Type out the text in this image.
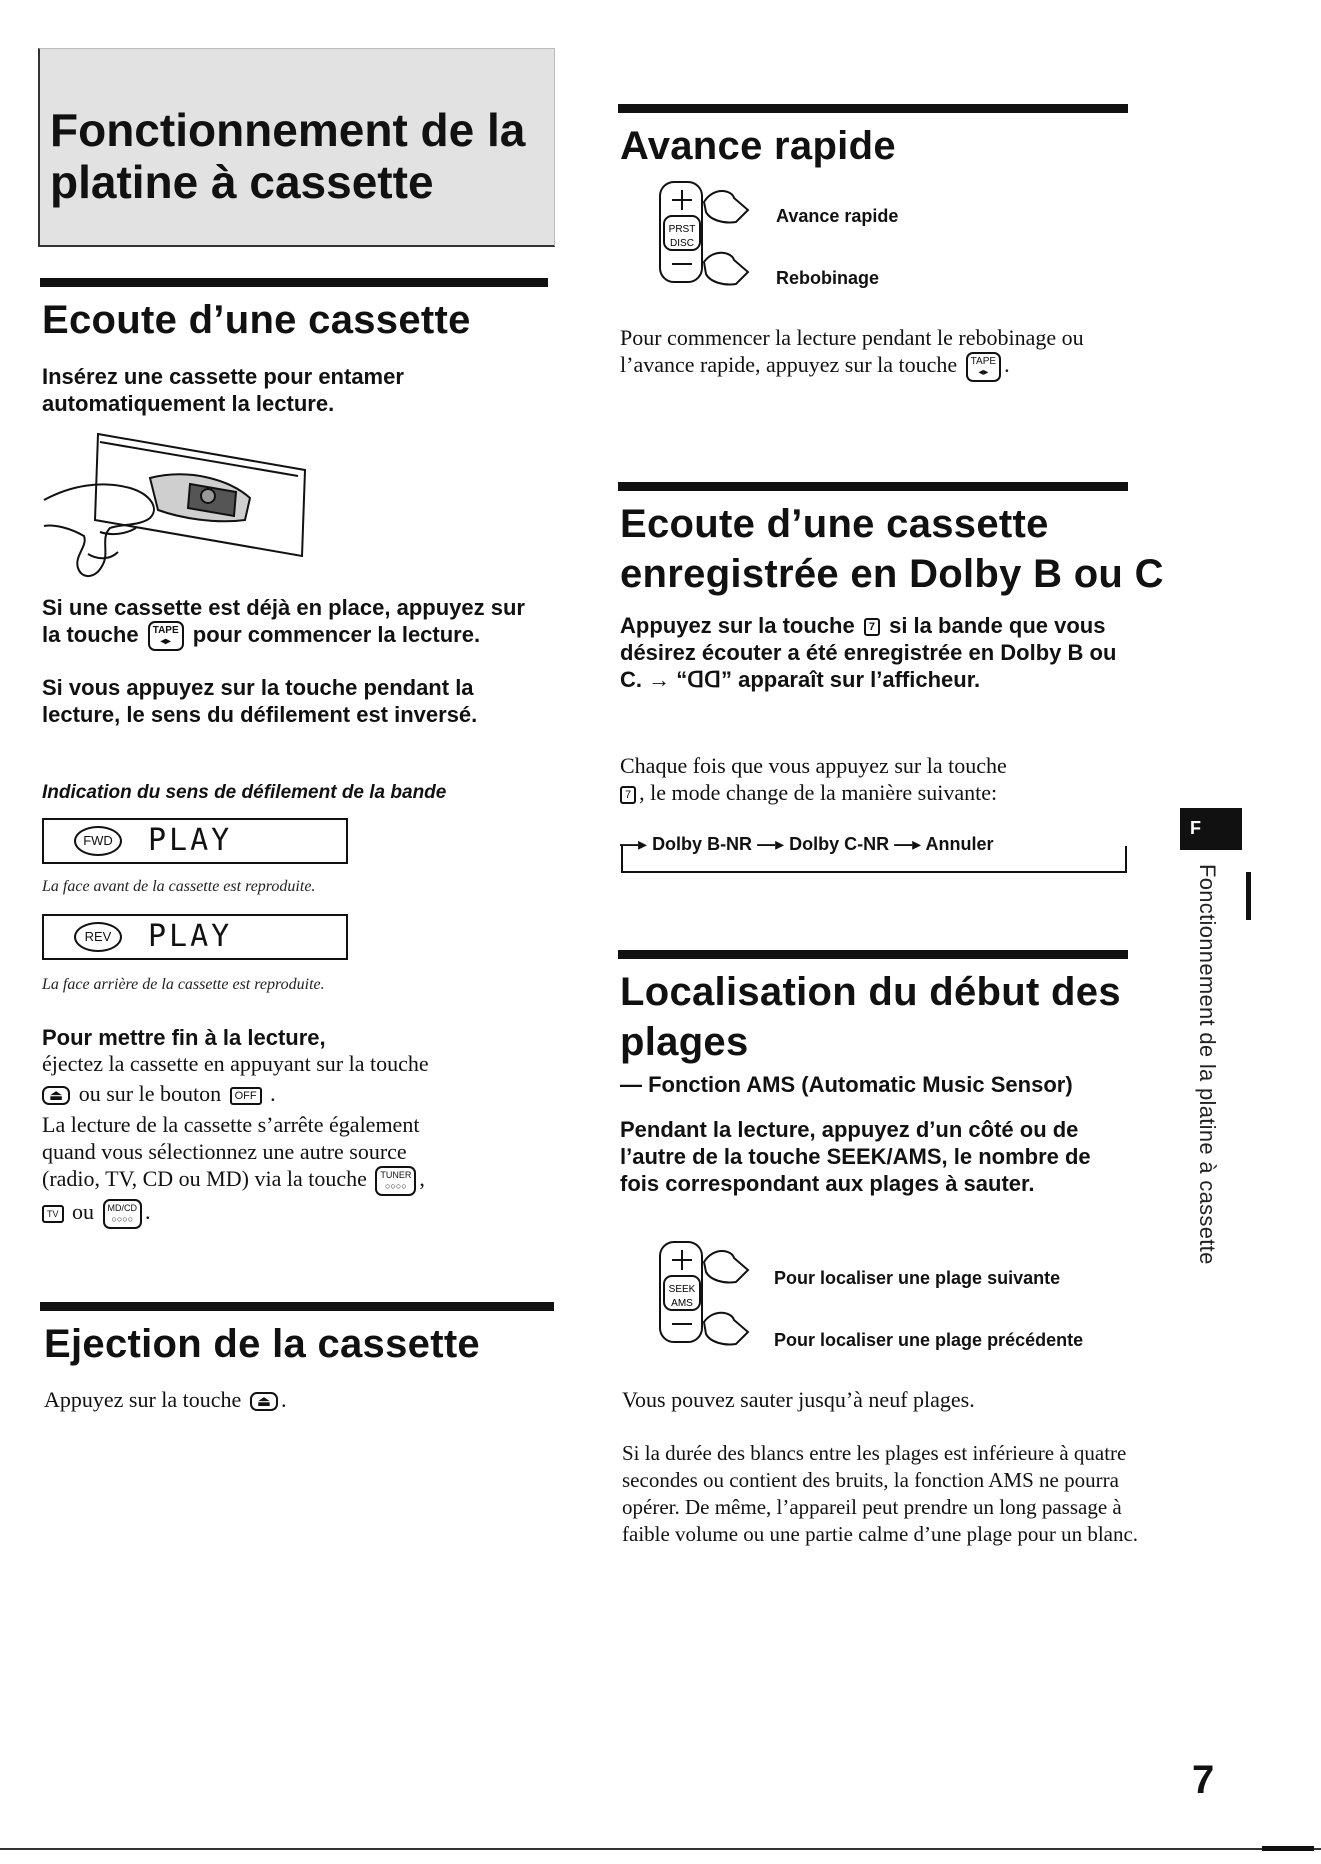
Fonctionnement de la
platine à cassette
Ecoute d’une cassette
Insérez une cassette pour entamer automatiquement la lecture.
Si une cassette est déjà en place, appuyez sur la touche TAPE
◂▸ pour commencer la lecture.
Si vous appuyez sur la touche pendant la lecture, le sens du défilement est inversé.
Indication du sens de défilement de la bande
FWD	PLAY
La face avant de la cassette est reproduite.
REV	PLAY
La face arrière de la cassette est reproduite.
Pour mettre fin à la lecture,
éjectez la cassette en appuyant sur la touche
⏏ ou sur le bouton OFF .
La lecture de la cassette s’arrête également
quand vous sélectionnez une autre source
(radio, TV, CD ou MD) via la touche TUNER
○○○○ ,
TV ou MD/CD
○○○○ .
Ejection de la cassette
Appuyez sur la touche ⏏ .
Avance rapide
PRST
DISC
Avance rapide
Rebobinage
Pour commencer la lecture pendant le rebobinage ou l’avance rapide, appuyez sur la touche TAPE
◂▸ .
Ecoute d’une cassette
enregistrée en Dolby B ou C
Appuyez sur la touche 7 si la bande que vous désirez écouter a été enregistrée en Dolby B ou C. → “ᗡᗡ” apparaît sur l’afficheur.
Chaque fois que vous appuyez sur la touche
7 , le mode change de la manière suivante:
—▸ Dolby B-NR —▸ Dolby C-NR —▸ Annuler
Localisation du début des
plages
— Fonction AMS (Automatic Music Sensor)
Pendant la lecture, appuyez d’un côté ou de l’autre de la touche SEEK/AMS, le nombre de fois correspondant aux plages à sauter.
SEEK
AMS
Pour localiser une plage suivante
Pour localiser une plage précédente
Vous pouvez sauter jusqu’à neuf plages.
Si la durée des blancs entre les plages est inférieure à quatre secondes ou contient des bruits, la fonction AMS ne pourra opérer. De même, l’appareil peut prendre un long passage à faible volume ou une partie calme d’une plage pour un blanc.
F
Fonctionnement de la platine à cassette
7
